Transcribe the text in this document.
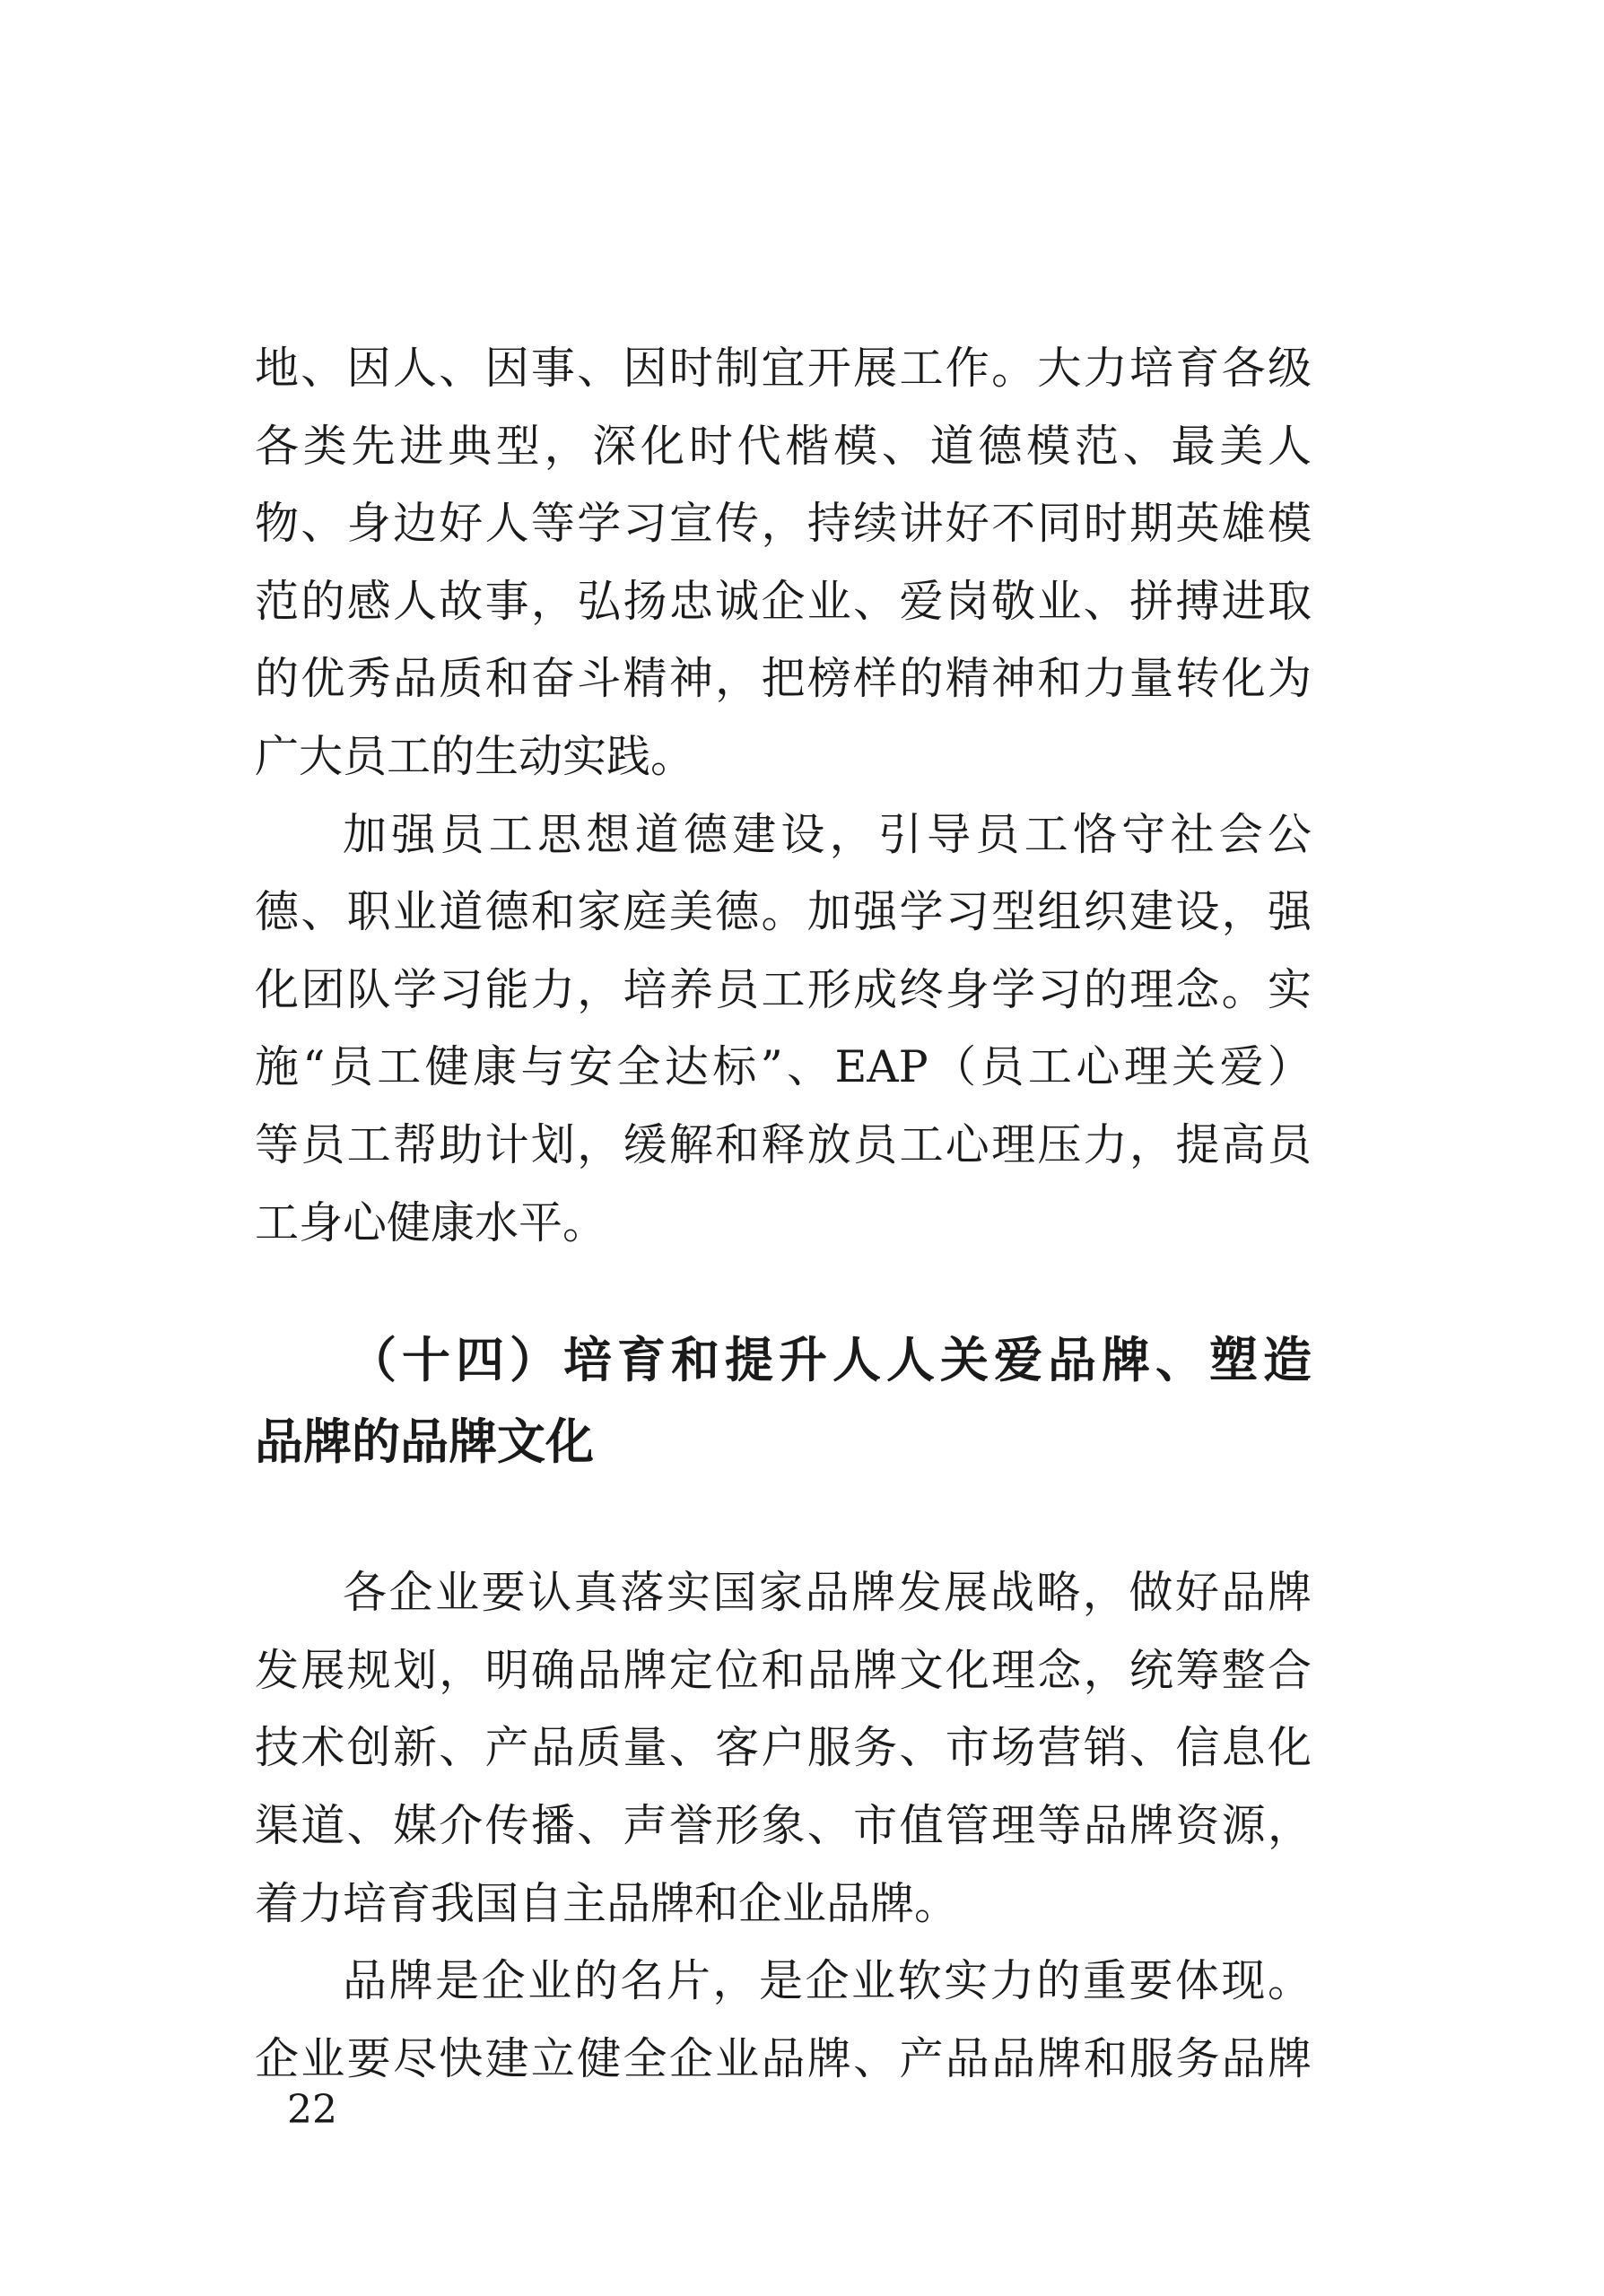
地、因人、因事、因时制宜开展工作。大力培育各级
各类先进典型，深化时代楷模、道德模范、最美人
物、身边好人等学习宣传，持续讲好不同时期英雄模
范的感人故事，弘扬忠诚企业、爱岗敬业、拼搏进取
的优秀品质和奋斗精神，把榜样的精神和力量转化为
广大员工的生动实践。

加强员工思想道德建设，引导员工恪守社会公
德、职业道德和家庭美德。加强学习型组织建设，强
化团队学习能力，培养员工形成终身学习的理念。实
施“员工健康与安全达标”、EAP（员工心理关爱）
等员工帮助计划，缓解和释放员工心理压力，提高员
工身心健康水平。

（十四）培育和提升人人关爱品牌、塑造
品牌的品牌文化

各企业要认真落实国家品牌发展战略，做好品牌
发展规划，明确品牌定位和品牌文化理念，统筹整合
技术创新、产品质量、客户服务、市场营销、信息化
渠道、媒介传播、声誉形象、市值管理等品牌资源，
着力培育我国自主品牌和企业品牌。

品牌是企业的名片，是企业软实力的重要体现。
企业要尽快建立健全企业品牌、产品品牌和服务品牌

22
